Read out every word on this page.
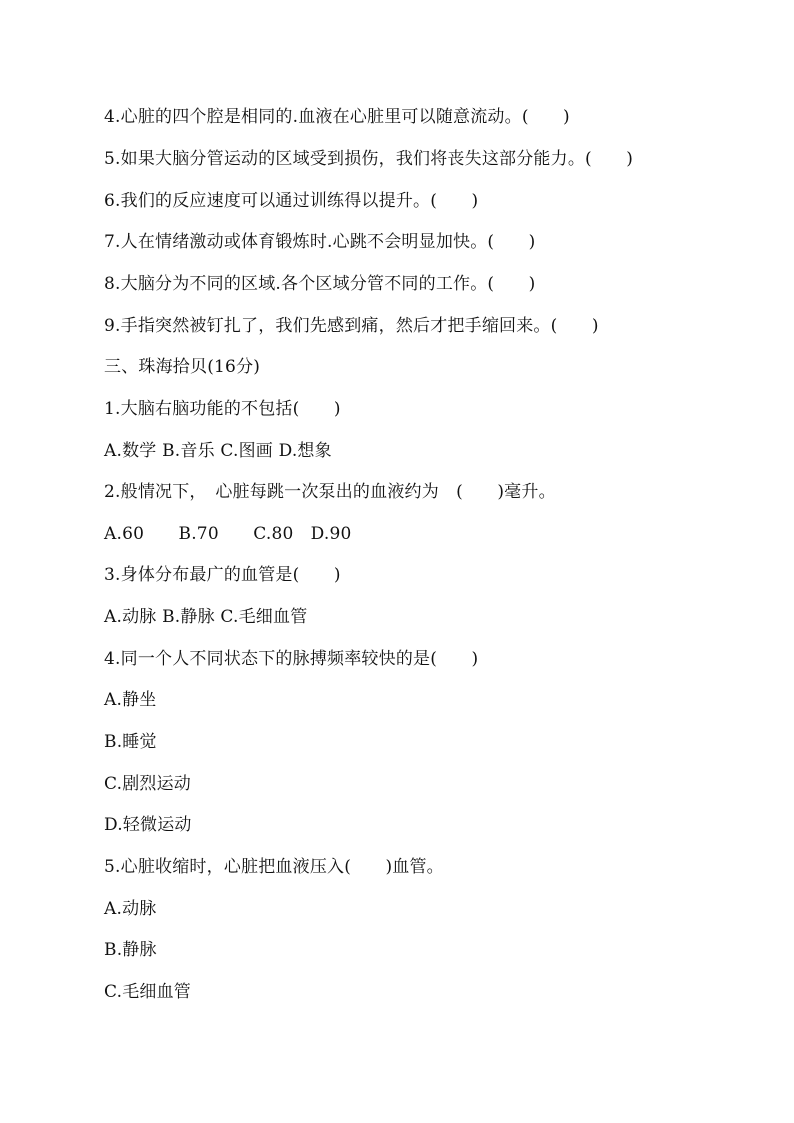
4.心脏的四个腔是相同的.血液在心脏里可以随意流动。(　　)
5.如果大脑分管运动的区域受到损伤，我们将丧失这部分能力。(　　)
6.我们的反应速度可以通过训练得以提升。(　　)
7.人在情绪激动或体育锻炼时.心跳不会明显加快。(　　)
8.大脑分为不同的区域.各个区域分管不同的工作。(　　)
9.手指突然被钉扎了，我们先感到痛，然后才把手缩回来。(　　)
三、珠海拾贝(16分)
1.大脑右脑功能的不包括(　　)
A.数学 B.音乐 C.图画 D.想象
2.般情况下，　心脏每跳一次泵出的血液约为　(　　)毫升。
A.60　　B.70　　C.80　D.90
3.身体分布最广的血管是(　　)
A.动脉 B.静脉 C.毛细血管
4.同一个人不同状态下的脉搏频率较快的是(　　)
A.静坐
B.睡觉
C.剧烈运动
D.轻微运动
5.心脏收缩时，心脏把血液压入(　　)血管。
A.动脉
B.静脉
C.毛细血管
